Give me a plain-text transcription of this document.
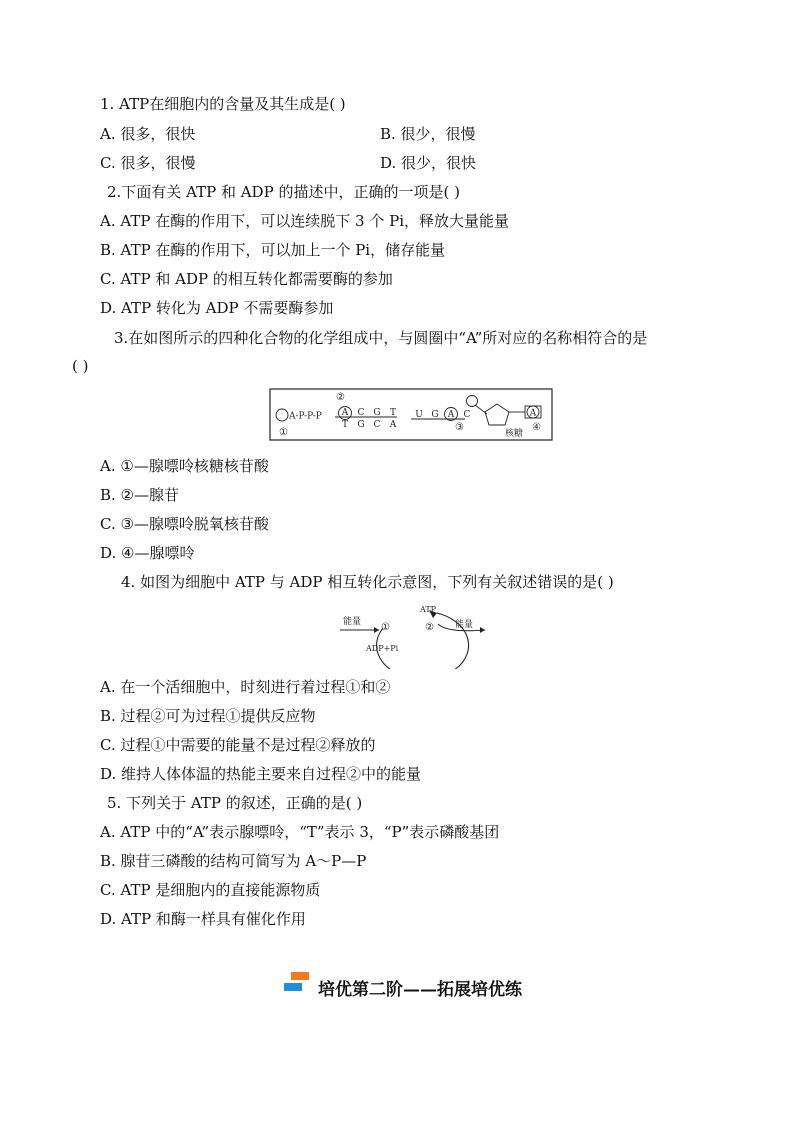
1. ATP在细胞内的含量及其生成是( )
A. 很多，很快	B. 很少，很慢
C. 很多，很慢	D. 很少，很快
2.下面有关 ATP 和 ADP 的描述中，正确的一项是( )
A. ATP 在酶的作用下，可以连续脱下 3 个 Pi，释放大量能量
B. ATP 在酶的作用下，可以加上一个 Pi，储存能量
C. ATP 和 ADP 的相互转化都需要酶的参加
D. ATP 转化为 ADP 不需要酶参加
3.在如图所示的四种化合物的化学组成中，与圆圈中“A”所对应的名称相符合的是
( )
A-P-P-P
①
②
A C G T
T G C A
U G A C
③
A
核糖
④
A. ①—腺嘌呤核糖核苷酸
B. ②—腺苷
C. ③—腺嘌呤脱氧核苷酸
D. ④—腺嘌呤
4. 如图为细胞中 ATP 与 ADP 相互转化示意图，下列有关叙述错误的是( )
能量 ①
ATP
② 能量
ADP+Pi
A. 在一个活细胞中，时刻进行着过程①和②
B. 过程②可为过程①提供反应物
C. 过程①中需要的能量不是过程②释放的
D. 维持人体体温的热能主要来自过程②中的能量
5. 下列关于 ATP 的叙述，正确的是( )
A. ATP 中的“A”表示腺嘌呤，“T”表示 3，“P”表示磷酸基团
B. 腺苷三磷酸的结构可简写为 A～P—P
C. ATP 是细胞内的直接能源物质
D. ATP 和酶一样具有催化作用
培优第二阶——拓展培优练
